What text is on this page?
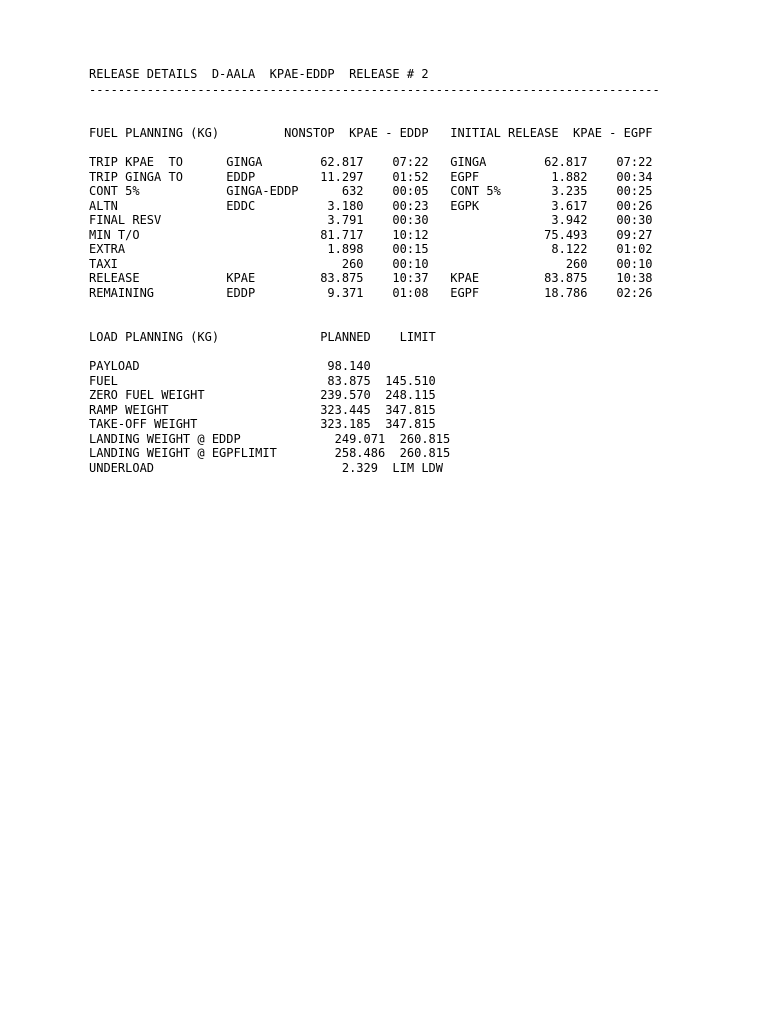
RELEASE DETAILS  D-AALA  KPAE-EDDP  RELEASE # 2
-------------------------------------------------------------------------------
FUEL PLANNING (KG)         NONSTOP  KPAE - EDDP   INITIAL RELEASE  KPAE - EGPF
TRIP KPAE  TO      GINGA        62.817    07:22   GINGA        62.817    07:22
TRIP GINGA TO      EDDP         11.297    01:52   EGPF          1.882    00:34
CONT 5%            GINGA-EDDP      632    00:05   CONT 5%       3.235    00:25
ALTN               EDDC          3.180    00:23   EGPK          3.617    00:26
FINAL RESV                       3.791    00:30                 3.942    00:30
MIN T/O                         81.717    10:12                75.493    09:27
EXTRA                            1.898    00:15                 8.122    01:02
TAXI                               260    00:10                   260    00:10
RELEASE            KPAE         83.875    10:37   KPAE         83.875    10:38
REMAINING          EDDP          9.371    01:08   EGPF         18.786    02:26
LOAD PLANNING (KG)              PLANNED    LIMIT
PAYLOAD                          98.140
FUEL                             83.875  145.510
ZERO FUEL WEIGHT                239.570  248.115
RAMP WEIGHT                     323.445  347.815
TAKE-OFF WEIGHT                 323.185  347.815
LANDING WEIGHT @ EDDP             249.071  260.815
LANDING WEIGHT @ EGPFLIMIT        258.486  260.815
UNDERLOAD                          2.329  LIM LDW
